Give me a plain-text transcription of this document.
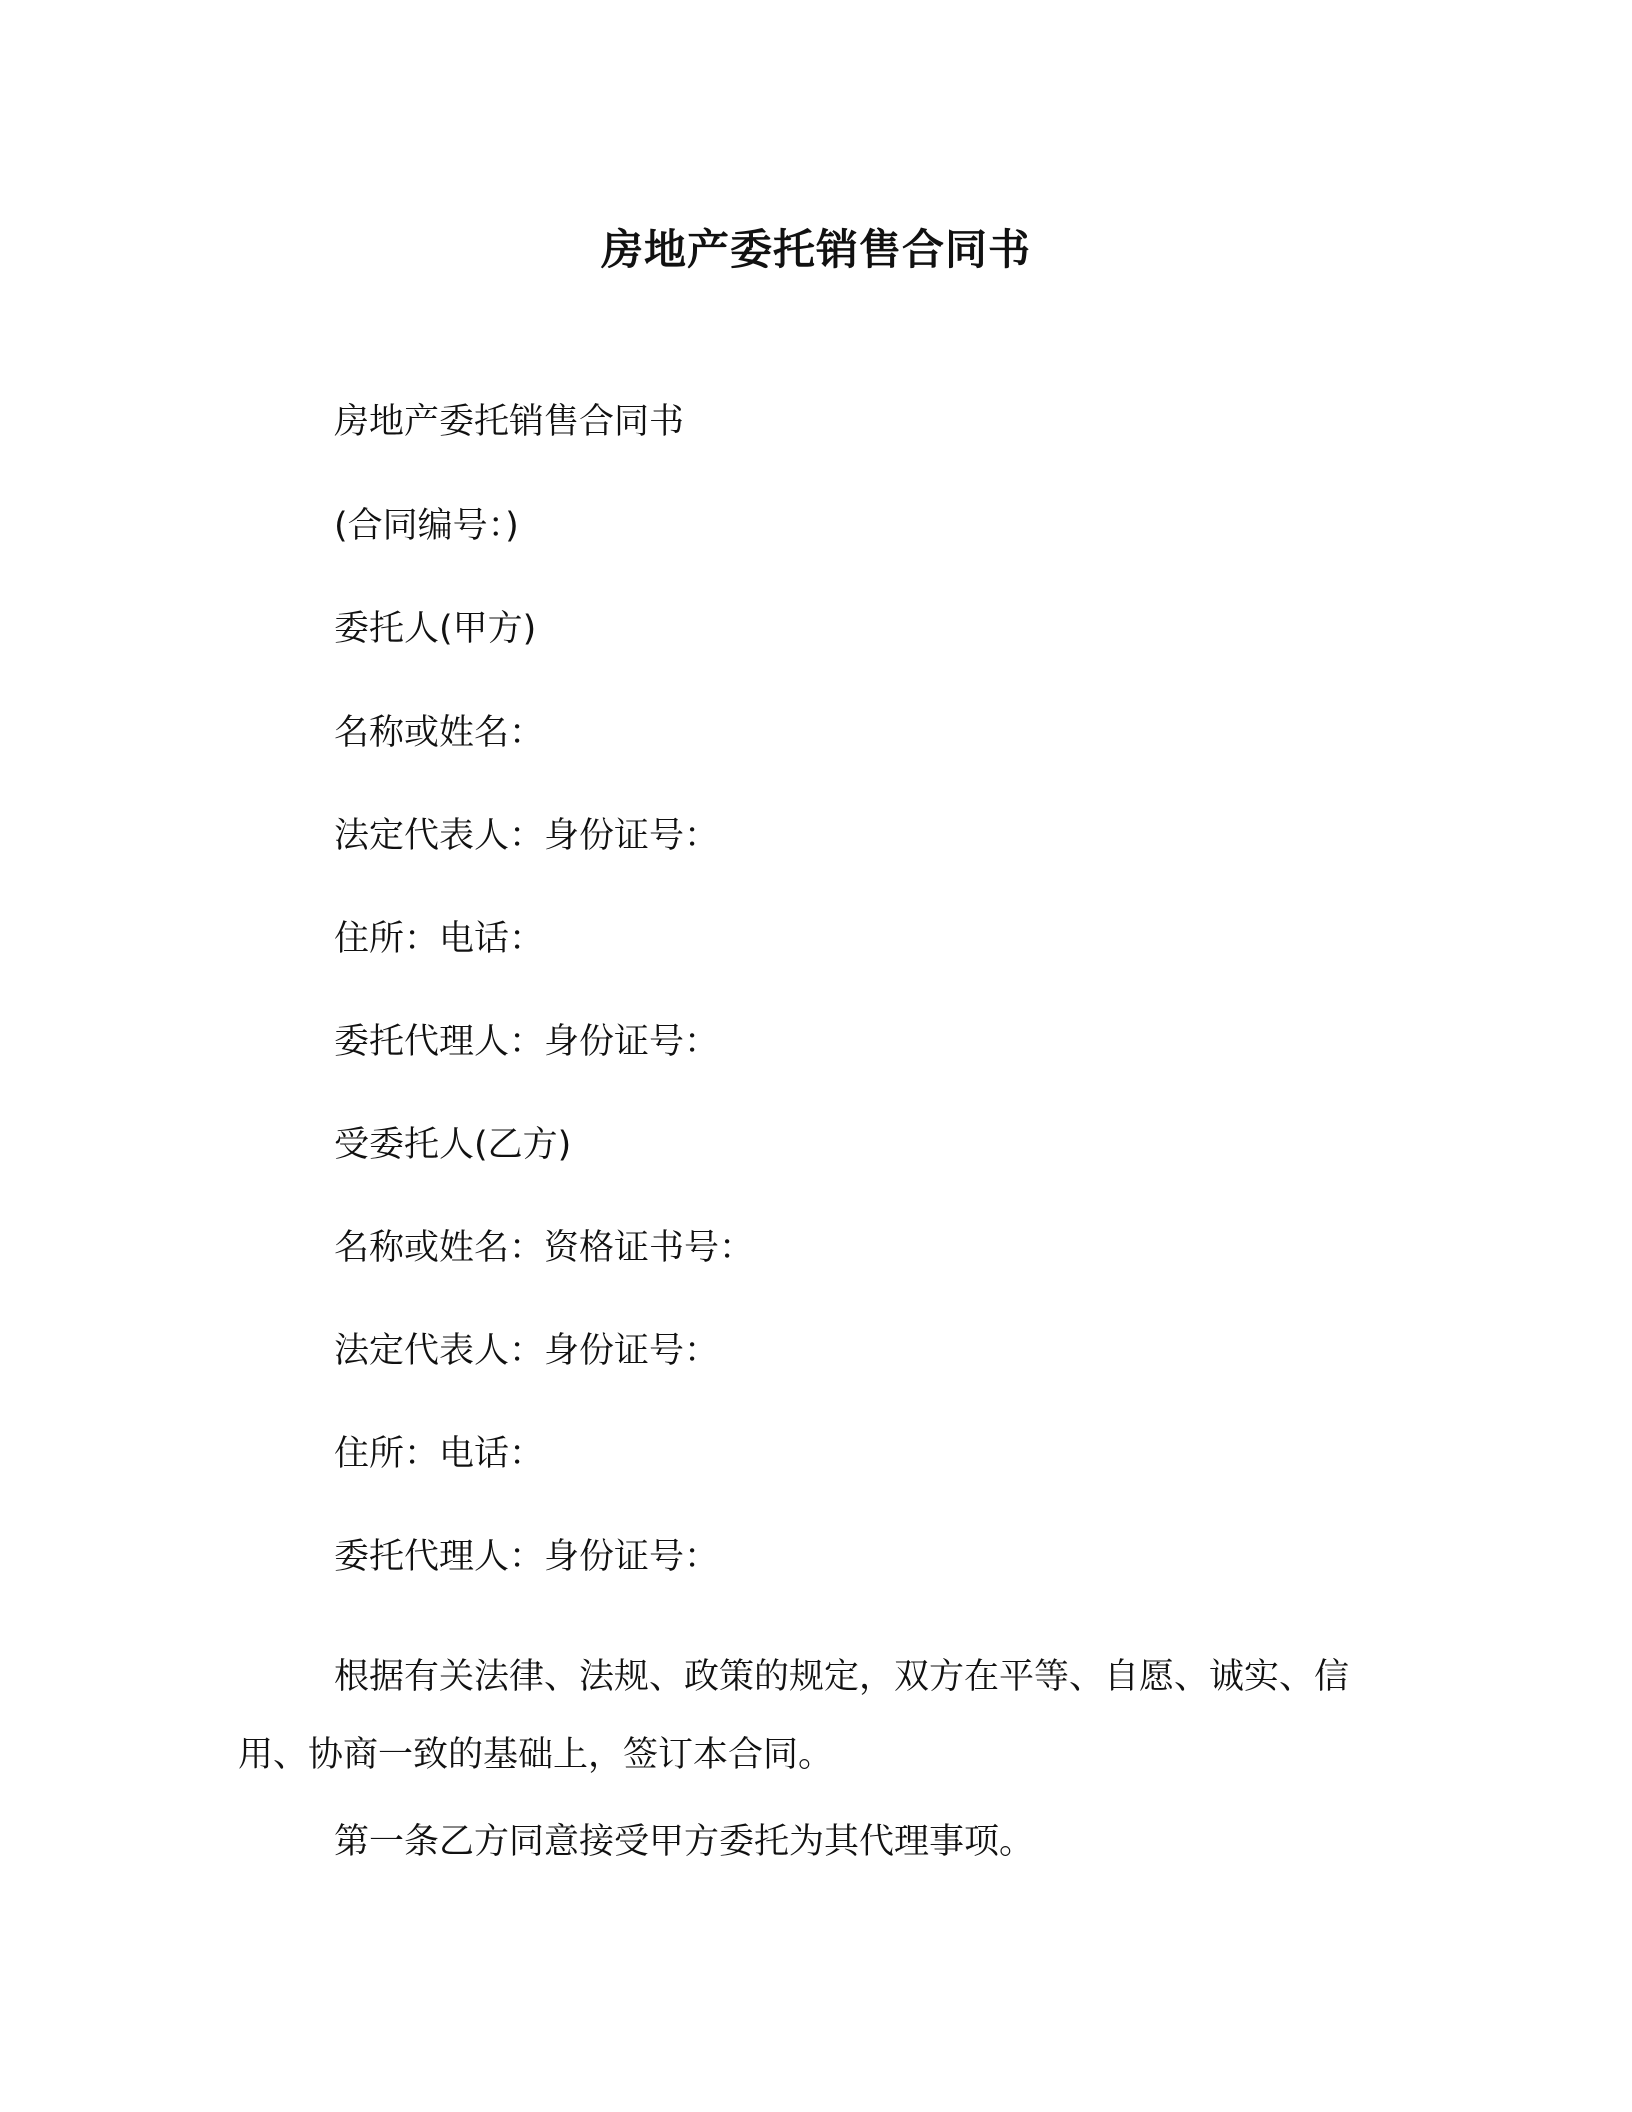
房地产委托销售合同书
房地产委托销售合同书
(合同编号：)
委托人(甲方)
名称或姓名：
法定代表人：身份证号：
住所：电话：
委托代理人：身份证号：
受委托人(乙方)
名称或姓名：资格证书号：
法定代表人：身份证号：
住所：电话：
委托代理人：身份证号：
根据有关法律、法规、政策的规定，双方在平等、自愿、诚实、信用、协商一致的基础上，签订本合同。
第一条乙方同意接受甲方委托为其代理事项。
